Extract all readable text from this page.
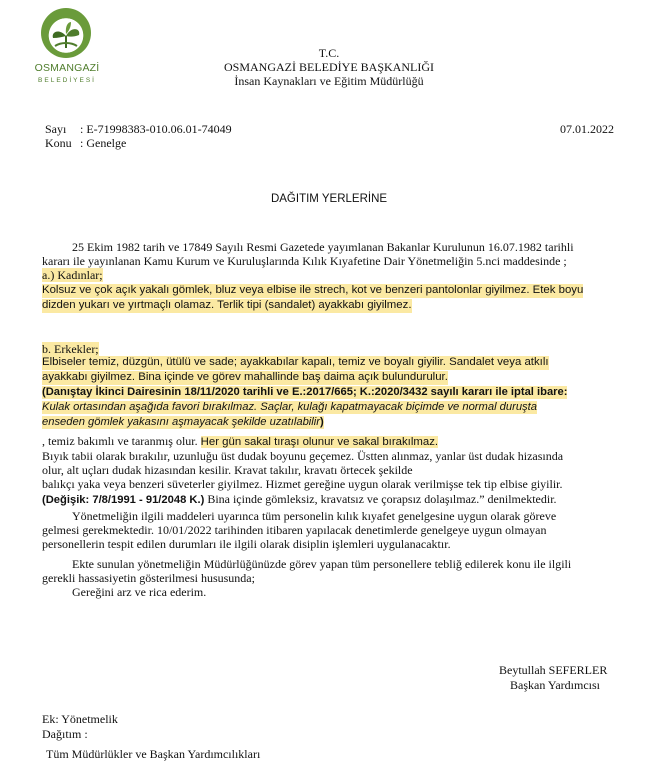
OSMANGAZİ
BELEDİYESİ
T.C.
OSMANGAZİ BELEDİYE BAŞKANLIĞI
İnsan Kaynakları ve Eğitim Müdürlüğü
Sayı : E-71998383-010.06.01-74049
Konu : Genelge
07.01.2022
DAĞITIM YERLERİNE
25 Ekim 1982 tarih ve 17849 Sayılı Resmi Gazetede yayımlanan Bakanlar Kurulunun 16.07.1982 tarihli
kararı ile yayınlanan Kamu Kurum ve Kuruluşlarında Kılık Kıyafetine Dair Yönetmeliğin 5.nci maddesinde ;
a.) Kadınlar;
Kolsuz ve çok açık yakalı gömlek, bluz veya elbise ile strech, kot ve benzeri pantolonlar giyilmez. Etek boyu
dizden yukarı ve yırtmaçlı olamaz. Terlik tipi (sandalet) ayakkabı giyilmez.
b. Erkekler;
Elbiseler temiz, düzgün, ütülü ve sade; ayakkabılar kapalı, temiz ve boyalı giyilir. Sandalet veya atkılı
ayakkabı giyilmez. Bina içinde ve görev mahallinde baş daima açık bulundurulur.
(Danıştay İkinci Dairesinin 18/11/2020 tarihli ve E.:2017/665; K.:2020/3432 sayılı kararı ile iptal ibare:
Kulak ortasından aşağıda favori bırakılmaz. Saçlar, kulağı kapatmayacak biçimde ve normal duruşta
enseden gömlek yakasını aşmayacak şekilde uzatılabilir)
, temiz bakımlı ve taranmış olur. Her gün sakal tıraşı olunur ve sakal bırakılmaz.
Bıyık tabii olarak bırakılır, uzunluğu üst dudak boyunu geçemez. Üstten alınmaz, yanlar üst dudak hizasında
olur, alt uçları dudak hizasından kesilir. Kravat takılır, kravatı örtecek şekilde
balıkçı yaka veya benzeri süveterler giyilmez. Hizmet gereğine uygun olarak verilmişse tek tip elbise giyilir.
(Değişik: 7/8/1991 - 91/2048 K.) Bina içinde gömleksiz, kravatsız ve çorapsız dolaşılmaz.” denilmektedir.
Yönetmeliğin ilgili maddeleri uyarınca tüm personelin kılık kıyafet genelgesine uygun olarak göreve
gelmesi gerekmektedir. 10/01/2022 tarihinden itibaren yapılacak denetimlerde genelgeye uygun olmayan
personellerin tespit edilen durumları ile ilgili olarak disiplin işlemleri uygulanacaktır.
Ekte sunulan yönetmeliğin Müdürlüğünüzde görev yapan tüm personellere tebliğ edilerek konu ile ilgili
gerekli hassasiyetin gösterilmesi hususunda;
Gereğini arz ve rica ederim.
Beytullah SEFERLER
Başkan Yardımcısı
Ek: Yönetmelik
Dağıtım :
Tüm Müdürlükler ve Başkan Yardımcılıkları
